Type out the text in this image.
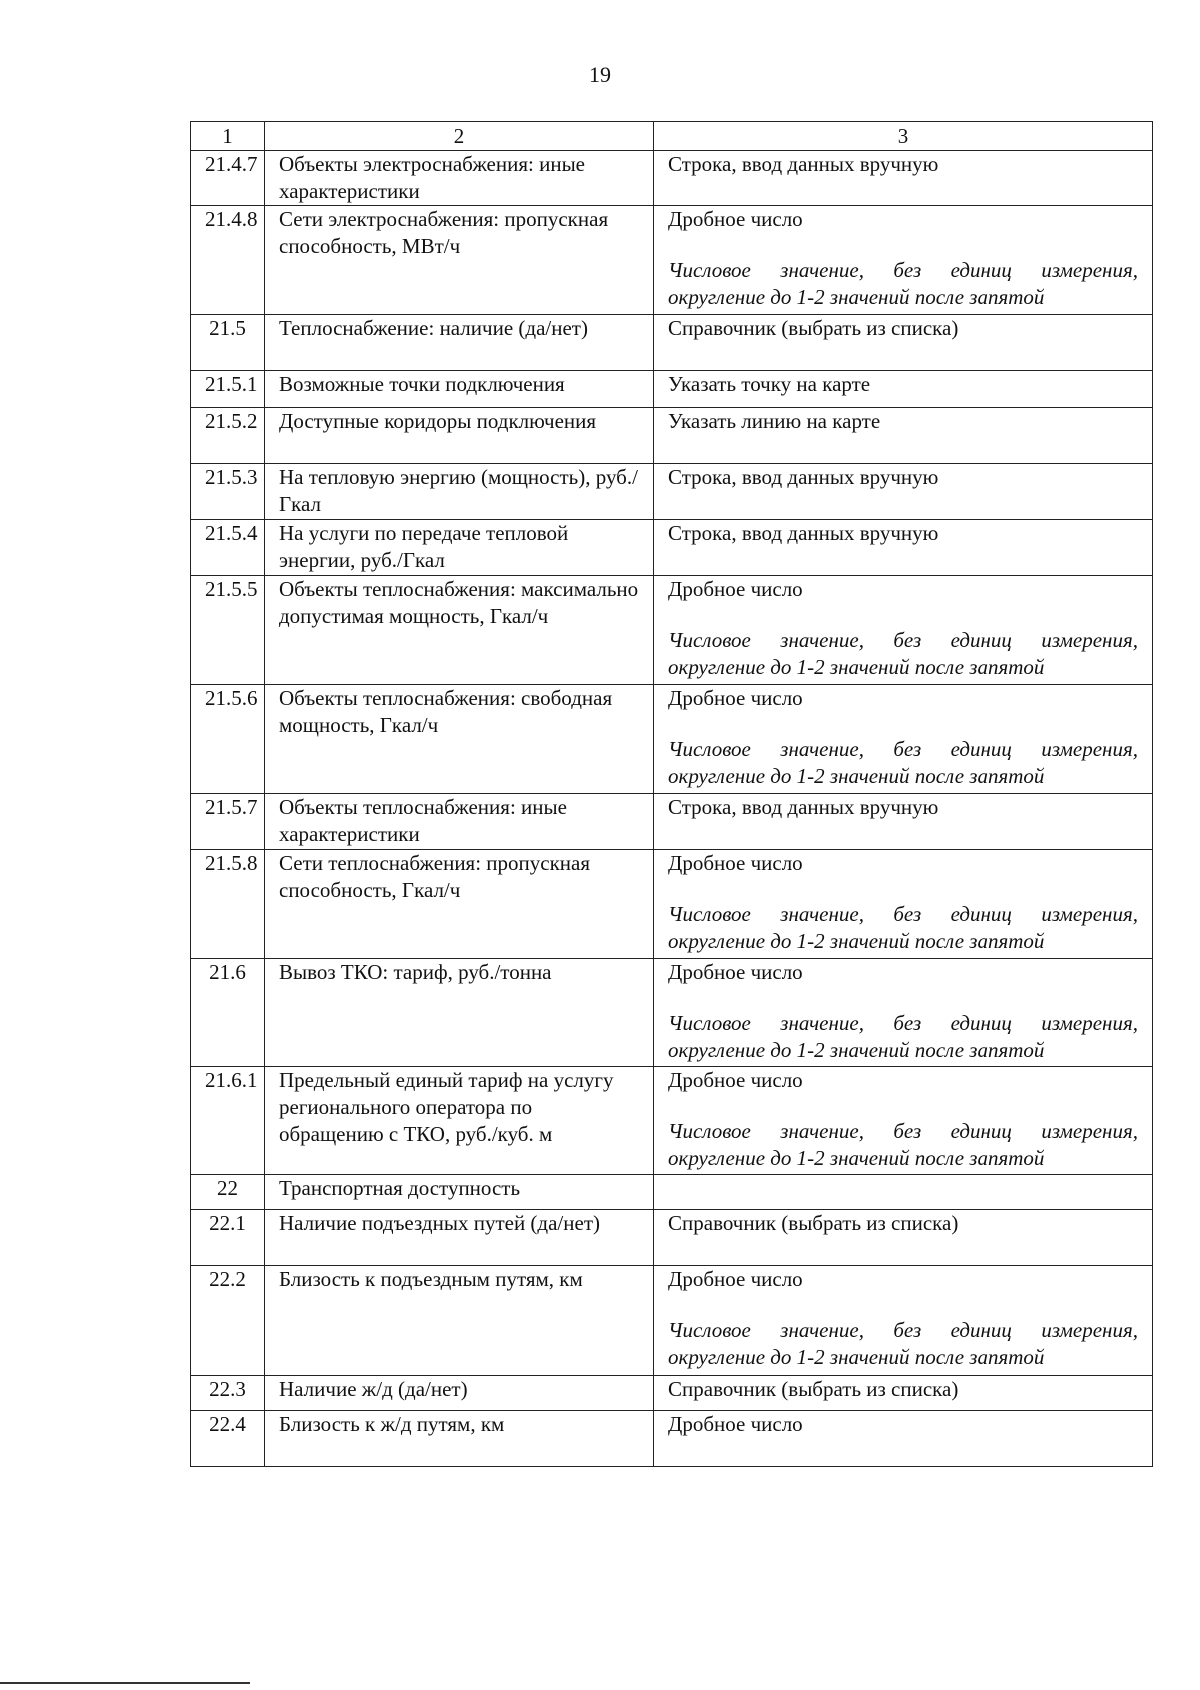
19
1	2	3
21.4.7	Объекты электроснабжения: иные характеристики	Строка, ввод данных вручную
21.4.8	Сети электроснабжения: пропускная способность, МВт/ч	Дробное число
Числовое значение, без единиц измерения, округление до 1-2 значений после запятой

21.5	Теплоснабжение: наличие (да/нет)	Справочник (выбрать из списка)
21.5.1	Возможные точки подключения	Указать точку на карте
21.5.2	Доступные коридоры подключения	Указать линию на карте
21.5.3	На тепловую энергию (мощность), руб./Гкал	Строка, ввод данных вручную
21.5.4	На услуги по передаче тепловой энергии, руб./Гкал	Строка, ввод данных вручную
21.5.5	Объекты теплоснабжения: максимально допустимая мощность, Гкал/ч	Дробное число
Числовое значение, без единиц измерения, округление до 1-2 значений после запятой

21.5.6	Объекты теплоснабжения: свободная мощность, Гкал/ч	Дробное число
Числовое значение, без единиц измерения, округление до 1-2 значений после запятой

21.5.7	Объекты теплоснабжения: иные характеристики	Строка, ввод данных вручную
21.5.8	Сети теплоснабжения: пропускная способность, Гкал/ч	Дробное число
Числовое значение, без единиц измерения, округление до 1-2 значений после запятой

21.6	Вывоз ТКО: тариф, руб./тонна	Дробное число
Числовое значение, без единиц измерения, округление до 1-2 значений после запятой

21.6.1	Предельный единый тариф на услугу регионального оператора по обращению с ТКО, руб./куб. м	Дробное число
Числовое значение, без единиц измерения, округление до 1-2 значений после запятой

22	Транспортная доступность	
22.1	Наличие подъездных путей (да/нет)	Справочник (выбрать из списка)
22.2	Близость к подъездным путям, км	Дробное число
Числовое значение, без единиц измерения, округление до 1-2 значений после запятой

22.3	Наличие ж/д (да/нет)	Справочник (выбрать из списка)
22.4	Близость к ж/д путям, км	Дробное число
